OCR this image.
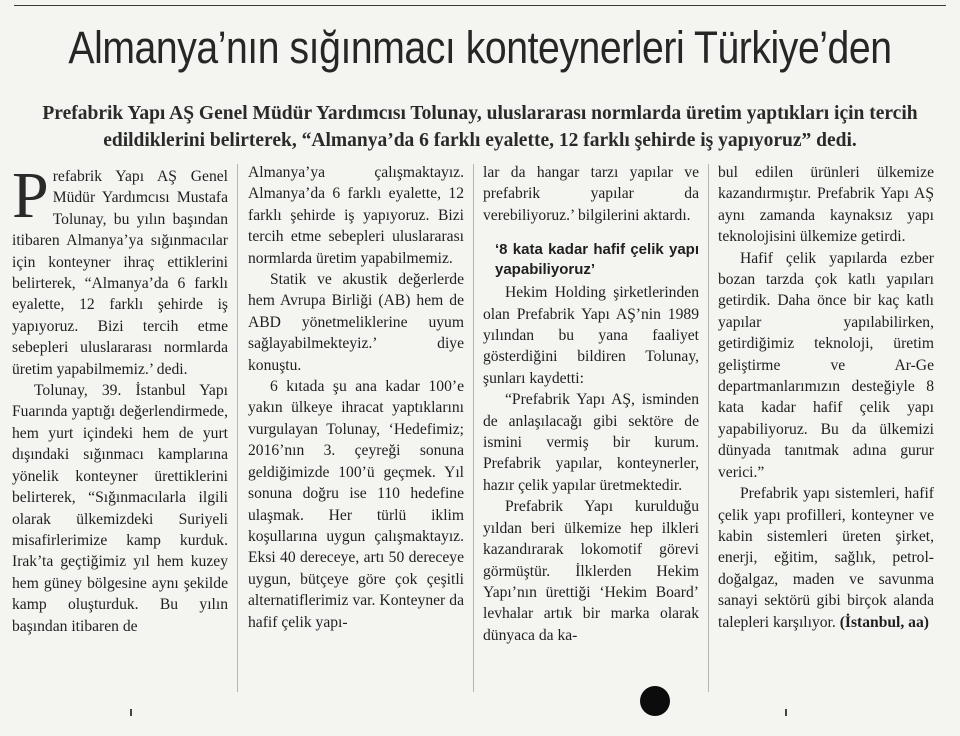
Almanya’nın sığınmacı konteynerleri Türkiye’den
Prefabrik Yapı AŞ Genel Müdür Yardımcısı Tolunay, uluslararası normlarda üretim yaptıkları için tercih edildiklerini belirterek, “Almanya’da 6 farklı eyalette, 12 farklı şehirde iş yapıyoruz” dedi.

Prefabrik Yapı AŞ Genel Müdür Yardımcısı Mustafa Tolunay, bu yılın başından itibaren Almanya’ya sığınmacılar için konteyner ihraç ettiklerini belirterek, “Almanya’da 6 farklı eyalette, 12 farklı şehirde iş yapıyoruz. Bizi tercih etme sebepleri uluslararası normlarda üretim yapabilmemiz.’ dedi.

Tolunay, 39. İstanbul Yapı Fuarında yaptığı değerlendirmede, hem yurt içindeki hem de yurt dışındaki sığınmacı kamplarına yönelik konteyner ürettiklerini belirterek, “Sığınmacılarla ilgili olarak ülkemizdeki Suriyeli misafirlerimize kamp kurduk. Irak’ta geçtiğimiz yıl hem kuzey hem güney bölgesine aynı şekilde kamp oluşturduk. Bu yılın başından itibaren de

Almanya’ya çalışmaktayız. Almanya’da 6 farklı eyalette, 12 farklı şehirde iş yapıyoruz. Bizi tercih etme sebepleri uluslararası normlarda üretim yapabilmemiz.

Statik ve akustik değerlerde hem Avrupa Birliği (AB) hem de ABD yönetmeliklerine uyum sağlayabilmekteyiz.’ diye konuştu.

6 kıtada şu ana kadar 100’e yakın ülkeye ihracat yaptıklarını vurgulayan Tolunay, ‘Hedefimiz; 2016’nın 3. çeyreği sonuna geldiğimizde 100’ü geçmek. Yıl sonuna doğru ise 110 hedefine ulaşmak. Her türlü iklim koşullarına uygun çalışmaktayız. Eksi 40 dereceye, artı 50 dereceye uygun, bütçeye göre çok çeşitli alternatiflerimiz var. Konteyner da hafif çelik yapı-

lar da hangar tarzı yapılar ve prefabrik yapılar da verebiliyoruz.’ bilgilerini aktardı.

‘8 kata kadar hafif çelik yapı yapabiliyoruz’

Hekim Holding şirketlerinden olan Prefabrik Yapı AŞ’nin 1989 yılından bu yana faaliyet gösterdiğini bildiren Tolunay, şunları kaydetti:

“Prefabrik Yapı AŞ, isminden de anlaşılacağı gibi sektöre de ismini vermiş bir kurum. Prefabrik yapılar, konteynerler, hazır çelik yapılar üretmektedir.

Prefabrik Yapı kurulduğu yıldan beri ülkemize hep ilkleri kazandırarak lokomotif görevi görmüştür. İlklerden Hekim Yapı’nın ürettiği ‘Hekim Board’ levhalar artık bir marka olarak dünyaca da ka-

bul edilen ürünleri ülkemize kazandırmıştır. Prefabrik Yapı AŞ aynı zamanda kaynaksız yapı teknolojisini ülkemize getirdi.

Hafif çelik yapılarda ezber bozan tarzda çok katlı yapıları getirdik. Daha önce bir kaç katlı yapılar yapılabilirken, getirdiğimiz teknoloji, üretim geliştirme ve Ar-Ge departmanlarımızın desteğiyle 8 kata kadar hafif çelik yapı yapabiliyoruz. Bu da ülkemizi dünyada tanıtmak adına gurur verici.”

Prefabrik yapı sistemleri, hafif çelik yapı profilleri, konteyner ve kabin sistemleri üreten şirket, enerji, eğitim, sağlık, petrol-doğalgaz, maden ve savunma sanayi sektörü gibi birçok alanda talepleri karşılıyor. (İstanbul, aa)
